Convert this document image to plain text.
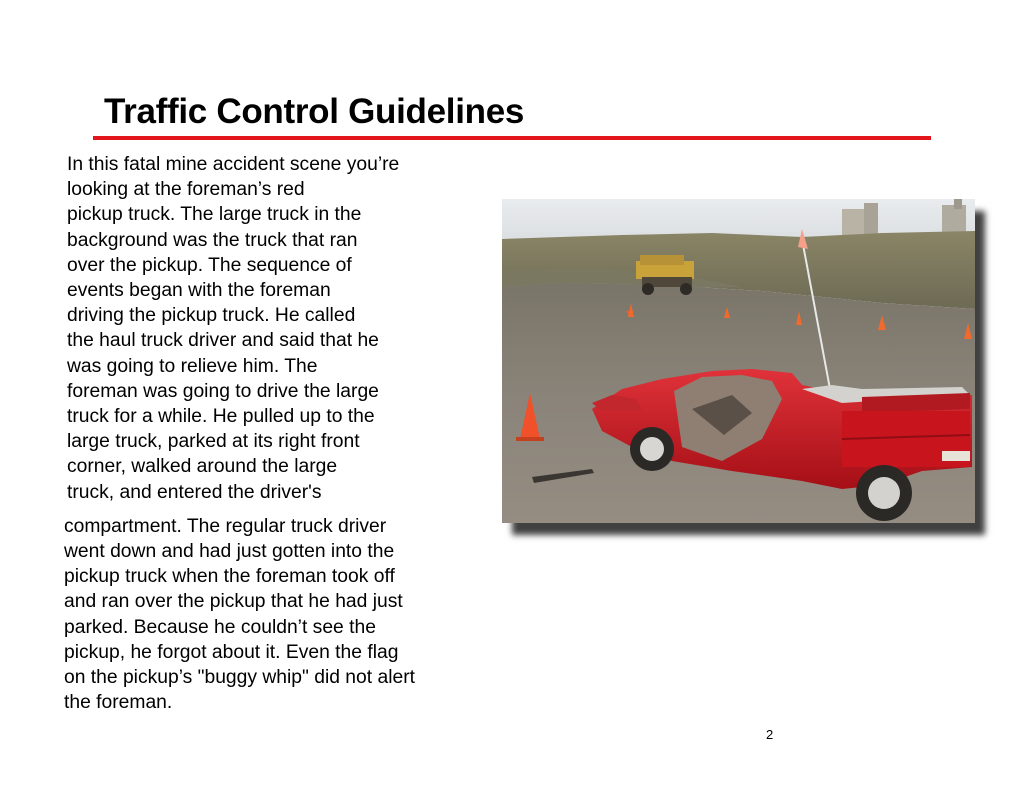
Traffic Control Guidelines

In this fatal mine accident scene you’re
looking at the foreman’s red
pickup truck. The large truck in the
background was the truck that ran
over the pickup. The sequence of
events began with the foreman
driving the pickup truck. He called
the haul truck driver and said that he
was going to relieve him. The
foreman was going to drive the large
truck for a while. He pulled up to the
large truck, parked at its right front
corner, walked around the large
truck, and entered the driver's

compartment. The regular truck driver
went down and had just gotten into the
pickup truck when the foreman took off
and ran over the pickup that he had just
parked. Because he couldn’t see the
pickup, he forgot about it. Even the flag
on the pickup’s "buggy whip" did not alert
the foreman.

2
